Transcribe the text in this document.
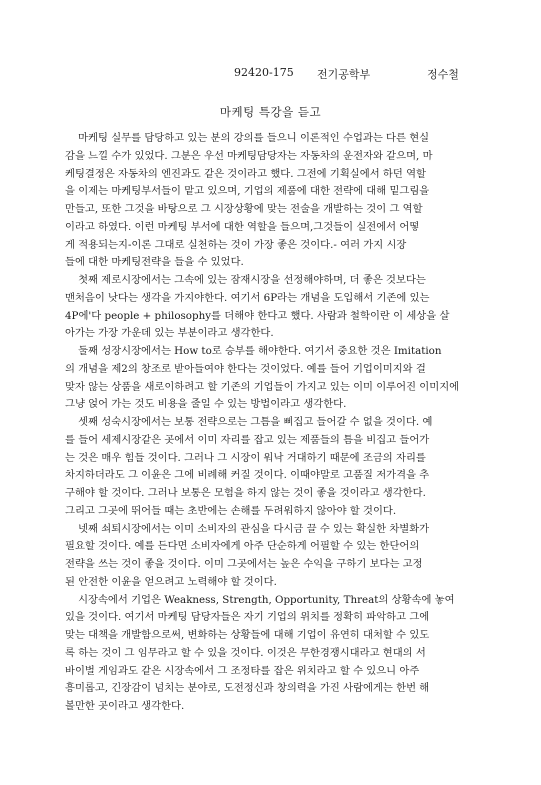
92420-175 전기공학부	정수철
마케팅 특강을 듣고
마케팅 실무를 담당하고 있는 분의 강의를 들으니 이론적인 수업과는 다른 현실
감을 느낄 수가 있었다. 그분은 우선 마케팅담당자는 자동차의 운전자와 같으며, 마
케팅결정은 자동차의 엔진과도 같은 것이라고 했다. 그전에 기획실에서 하던 역할
을 이제는 마케팅부서들이 맡고 있으며, 기업의 제품에 대한 전략에 대해 밑그림을
만들고, 또한 그것을 바탕으로 그 시장상황에 맞는 전술을 개발하는 것이 그 역할
이라고 하였다. 이런 마케팅 부서에 대한 역할을 들으며,그것들이 실전에서 어떻
게 적용되는지-이론 그대로 실천하는 것이 가장 좋은 것이다.- 여러 가지 시장
들에 대한 마케팅전략을 들을 수 있었다.
첫째 제로시장에서는 그속에 있는 잠재시장을 선정해야하며, 더 좋은 것보다는
맨처음이 낫다는 생각을 가지야한다. 여기서 6P라는 개념을 도입해서 기존에 있는
4P에'다 people + philosophy를 더해야 한다고 했다. 사람과 철학이란 이 세상을 살
아가는 가장 가운데 있는 부분이라고 생각한다.
둘째 성장시장에서는 How to로 승부를 해야한다. 여기서 중요한 것은 Imitation
의 개념을 제2의 창조로 받아들여야 한다는 것이었다. 예를 들어 기업이미지와 걸
맞자 않는 상품을 새로이하려고 할 기존의 기업들이 가지고 있는 이미 이루어진 이미지에
그냥 얹어 가는 것도 비용을 줄일 수 있는 방법이라고 생각한다.
셋째 성숙시장에서는 보통 전략으로는 그틈을 삐집고 들어갈 수 없을 것이다. 예
를 들어 세제시장같은 곳에서 이미 자리를 잡고 있는 제품들의 틈을 비집고 들어가
는 것은 매우 힘들 것이다. 그러나 그 시장이 워낙 거대하기 때문에 조금의 자리를
차지하더라도 그 이윤은 그에 비례해 커질 것이다. 이때야말로 고품질 저가격을 추
구해야 할 것이다. 그러나 보통은 모험을 하지 않는 것이 좋을 것이라고 생각한다.
그리고 그곳에 뛰어들 때는 초반에는 손해를 두려워하지 않아야 할 것이다.
넷째 쇠퇴시장에서는 이미 소비자의 관심을 다시금 끌 수 있는 확실한 차별화가
필요할 것이다. 예를 든다면 소비자에게 아주 단순하게 어필할 수 있는 한단어의
전략을 쓰는 것이 좋을 것이다. 이미 그곳에서는 높은 수익을 구하기 보다는 고정
된 안전한 이윤을 얻으려고 노력해야 할 것이다.
시장속에서 기업은 Weakness, Strength, Opportunity, Threat의 상황속에 놓여
있을 것이다. 여기서 마케팅 담당자들은 자기 기업의 위치를 정확히 파악하고 그에
맞는 대책을 개발함으로써, 변화하는 상황들에 대해 기업이 유연히 대처할 수 있도
록 하는 것이 그 임무라고 할 수 있을 것이다. 이것은 무한경쟁시대라고 현대의 서
바이벌 게임과도 같은 시장속에서 그 조정타를 잡은 위치라고 할 수 있으니 아주
흥미롭고, 긴장감이 넘치는 분야로, 도전정신과 창의력을 가진 사람에게는 한번 해
볼만한 곳이라고 생각한다.
